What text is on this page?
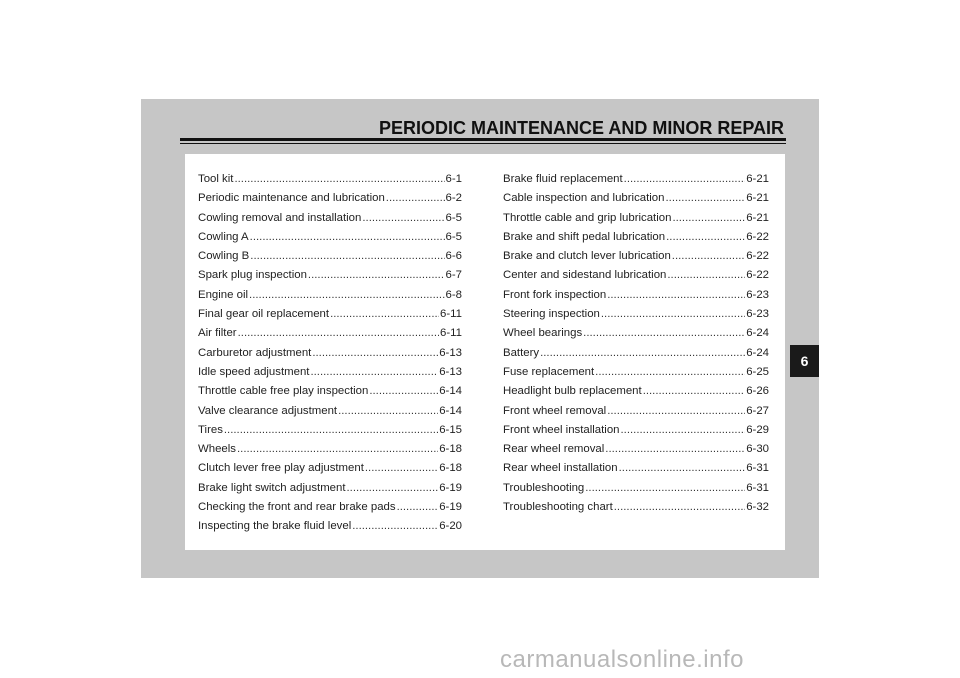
PERIODIC MAINTENANCE AND MINOR REPAIR
Tool kit .....	6-1
Periodic maintenance and lubrication .....	6-2
Cowling removal and installation .....	6-5
Cowling A .....	6-5
Cowling B .....	6-6
Spark plug inspection .....	6-7
Engine oil .....	6-8
Final gear oil replacement .....	6-11
Air filter .....	6-11
Carburetor adjustment .....	6-13
Idle speed adjustment .....	6-13
Throttle cable free play inspection .....	6-14
Valve clearance adjustment .....	6-14
Tires .....	6-15
Wheels .....	6-18
Clutch lever free play adjustment .....	6-18
Brake light switch adjustment .....	6-19
Checking the front and rear brake pads .....	6-19
Inspecting the brake fluid level .....	6-20
Brake fluid replacement .....	6-21
Cable inspection and lubrication .....	6-21
Throttle cable and grip lubrication .....	6-21
Brake and shift pedal lubrication .....	6-22
Brake and clutch lever lubrication .....	6-22
Center and sidestand lubrication .....	6-22
Front fork inspection .....	6-23
Steering inspection .....	6-23
Wheel bearings .....	6-24
Battery .....	6-24
Fuse replacement .....	6-25
Headlight bulb replacement .....	6-26
Front wheel removal .....	6-27
Front wheel installation .....	6-29
Rear wheel removal .....	6-30
Rear wheel installation .....	6-31
Troubleshooting .....	6-31
Troubleshooting chart .....	6-32
6
carmanualsonline.info
